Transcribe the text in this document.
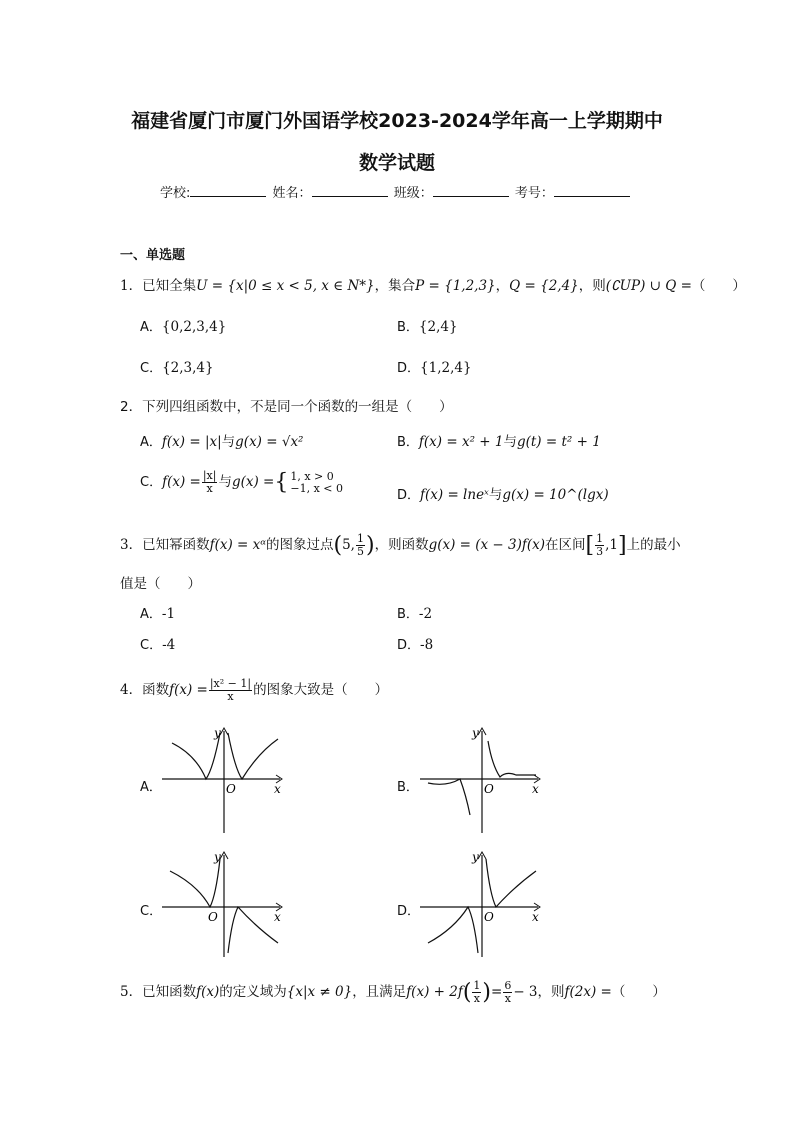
福建省厦门市厦门外国语学校2023-2024学年高一上学期期中
数学试题
学校:	姓名：	班级：	考号：
一、单选题
1．已知全集U = {x|0 ≤ x < 5, x ∈ N*}，集合P = {1,2,3}，Q = {2,4}，则(∁UP) ∪ Q =（　　）
A．{0,2,3,4}	B．{2,4}
C．{2,3,4}	D．{1,2,4}
2．下列四组函数中，不是同一个函数的一组是（　　）
A．f(x) = |x|与g(x) = √x²	B．f(x) = x² + 1与g(t) = t² + 1
C．$f(x) = \frac{|x|}{x}$ 与g(x) ={ 1, x > 0
−1, x < 0	D．f(x) = lneˣ与g(x) = 10^(lgx)
3．已知幂函数f(x) = xᵅ的图象过点(5, $\frac{1}{5}$ )，则函数g(x) = (x − 3)f(x)在区间[ $\frac{1}{3} ,1$]上的最小
值是（　　）
A．-1	B．-2
C．-4	D．-8
4．函数$f(x) = \frac{\text{|x² − 1|}}{x}$ 的图象大致是（　　）
A．
y
x
O	B．
y
x
O
C．
y
x
O	D．
y
x
O
5．已知函数f(x)的定义域为{x|x ≠ 0}，且满足$f(x) + 2f( \frac{1}{x}$ )= $\frac{6}{x} - 3$，则f(2x) =（　　）
